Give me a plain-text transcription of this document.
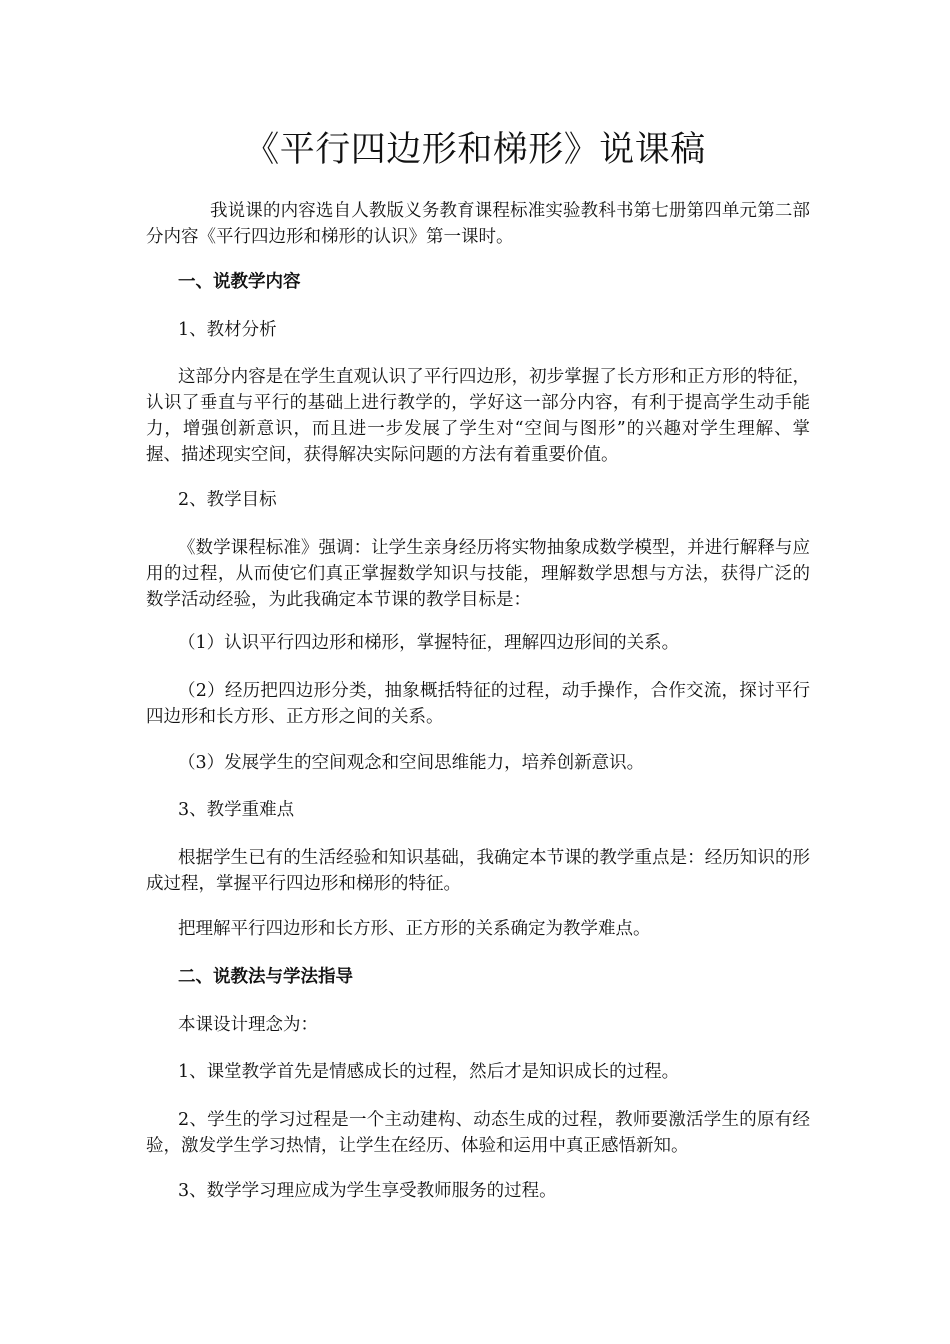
《平行四边形和梯形》说课稿

我说课的内容选自人教版义务教育课程标准实验教科书第七册第四单元第二部分内容《平行四边形和梯形的认识》第一课时。

一、说教学内容

1、教材分析

这部分内容是在学生直观认识了平行四边形，初步掌握了长方形和正方形的特征，认识了垂直与平行的基础上进行教学的，学好这一部分内容，有利于提高学生动手能力，增强创新意识，而且进一步发展了学生对“空间与图形”的兴趣对学生理解、掌握、描述现实空间，获得解决实际问题的方法有着重要价值。

2、教学目标

《数学课程标准》强调：让学生亲身经历将实物抽象成数学模型，并进行解释与应用的过程，从而使它们真正掌握数学知识与技能，理解数学思想与方法，获得广泛的数学活动经验，为此我确定本节课的教学目标是：

（1）认识平行四边形和梯形，掌握特征，理解四边形间的关系。

（2）经历把四边形分类，抽象概括特征的过程，动手操作，合作交流，探讨平行四边形和长方形、正方形之间的关系。

（3）发展学生的空间观念和空间思维能力，培养创新意识。

3、教学重难点

根据学生已有的生活经验和知识基础，我确定本节课的教学重点是：经历知识的形成过程，掌握平行四边形和梯形的特征。

把理解平行四边形和长方形、正方形的关系确定为教学难点。

二、说教法与学法指导

本课设计理念为：

1、课堂教学首先是情感成长的过程，然后才是知识成长的过程。

2、学生的学习过程是一个主动建构、动态生成的过程，教师要激活学生的原有经验，激发学生学习热情，让学生在经历、体验和运用中真正感悟新知。

3、数学学习理应成为学生享受教师服务的过程。
